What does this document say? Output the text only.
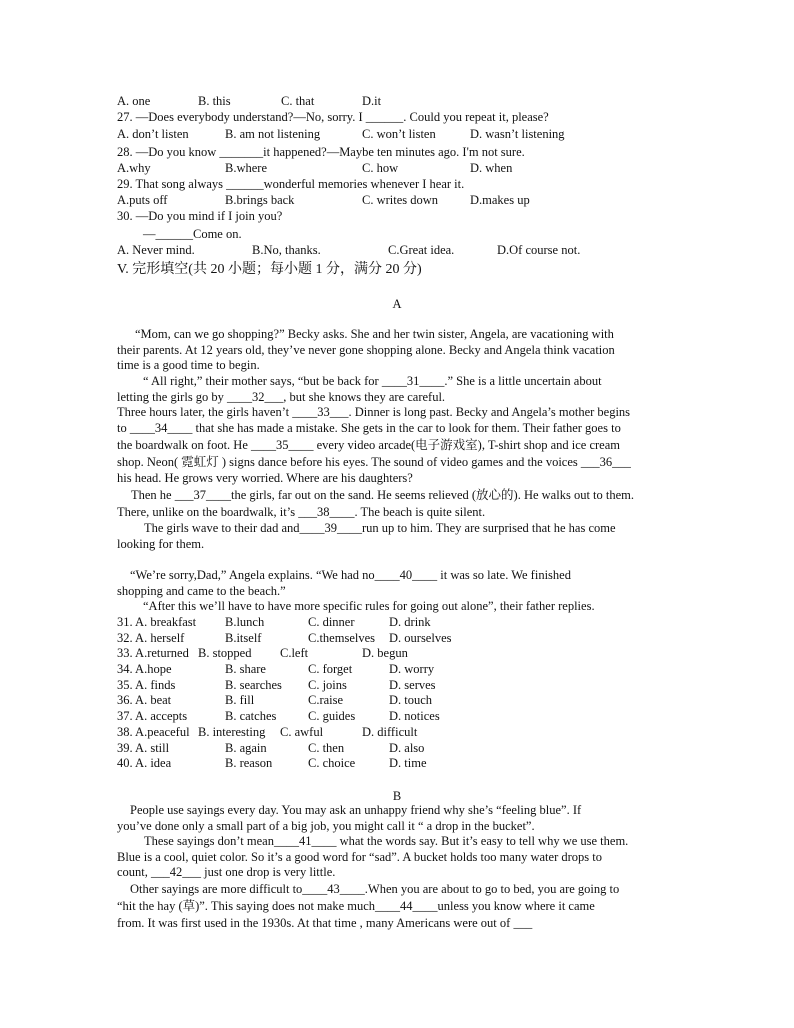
A. one	B. this	C. that	D.it
27. —Does everybody understand?—No, sorry. I ______. Could you repeat it, please?
A. don’t listen	B. am not listening	C. won’t listen	D. wasn’t listening
28. —Do you know _______it happened?—Maybe ten minutes ago. I'm not sure.
A.why	B.where	C. how	D. when
29. That song always ______wonderful memories whenever I hear it.
A.puts off	B.brings back	C. writes down	D.makes up
30. —Do you mind if I join you?
—______Come on.
A. Never mind.	B.No, thanks.	C.Great idea.	D.Of course not.
V. 完形填空(共 20 小题；每小题 1 分，满分 20 分)
A
“Mom, can we go shopping?” Becky asks. She and her twin sister, Angela, are vacationing with
their parents. At 12 years old, they’ve never gone shopping alone. Becky and Angela think vacation
time is a good time to begin.
“ All right,” their mother says, “but be back for ____31____.” She is a little uncertain about
letting the girls go by ____32___, but she knows they are careful.
Three hours later, the girls haven’t ____33___. Dinner is long past. Becky and Angela’s mother begins
to ____34____ that she has made a mistake. She gets in the car to look for them. Their father goes to
the boardwalk on foot. He ____35____ every video arcade(电子游戏室), T-shirt shop and ice cream
shop. Neon( 霓虹灯 ) signs dance before his eyes. The sound of video games and the voices ___36___
his head. He grows very worried. Where are his daughters?
Then he ___37____the girls, far out on the sand. He seems relieved (放心的). He walks out to them.
There, unlike on the boardwalk, it’s ___38____. The beach is quite silent.
The girls wave to their dad and____39____run up to him. They are surprised that he has come
looking for them.
“We’re sorry,Dad,” Angela explains. “We had no____40____ it was so late. We finished
shopping and came to the beach.”
“After this we’ll have to have more specific rules for going out alone”, their father replies.
31. A. breakfast B.lunch	C. dinner	D. drink
32. A. herself	B.itself	C.themselves D. ourselves
33. A.returned B. stopped C.left	D. begun
34. A.hope	B. share	C. forget	D. worry
35. A. finds	B. searches C. joins	D. serves
36. A. beat	B. fill	C.raise	D. touch
37. A. accepts	B. catches	C. guides	D. notices
38. A.peaceful B. interesting C. awful	D. difficult
39. A. still	B. again	C. then	D. also
40. A. idea	B. reason	C. choice	D. time
B
People use sayings every day. You may ask an unhappy friend why she’s “feeling blue”. If
you’ve done only a small part of a big job, you might call it “ a drop in the bucket”.
These sayings don’t mean____41____ what the words say. But it’s easy to tell why we use them.
Blue is a cool, quiet color. So it’s a good word for “sad”. A bucket holds too many water drops to
count, ___42___ just one drop is very little.
Other sayings are more difficult to____43____.When you are about to go to bed, you are going to
“hit the hay (草)”. This saying does not make much____44____unless you know where it came
from. It was first used in the 1930s. At that time , many Americans were out of ___
